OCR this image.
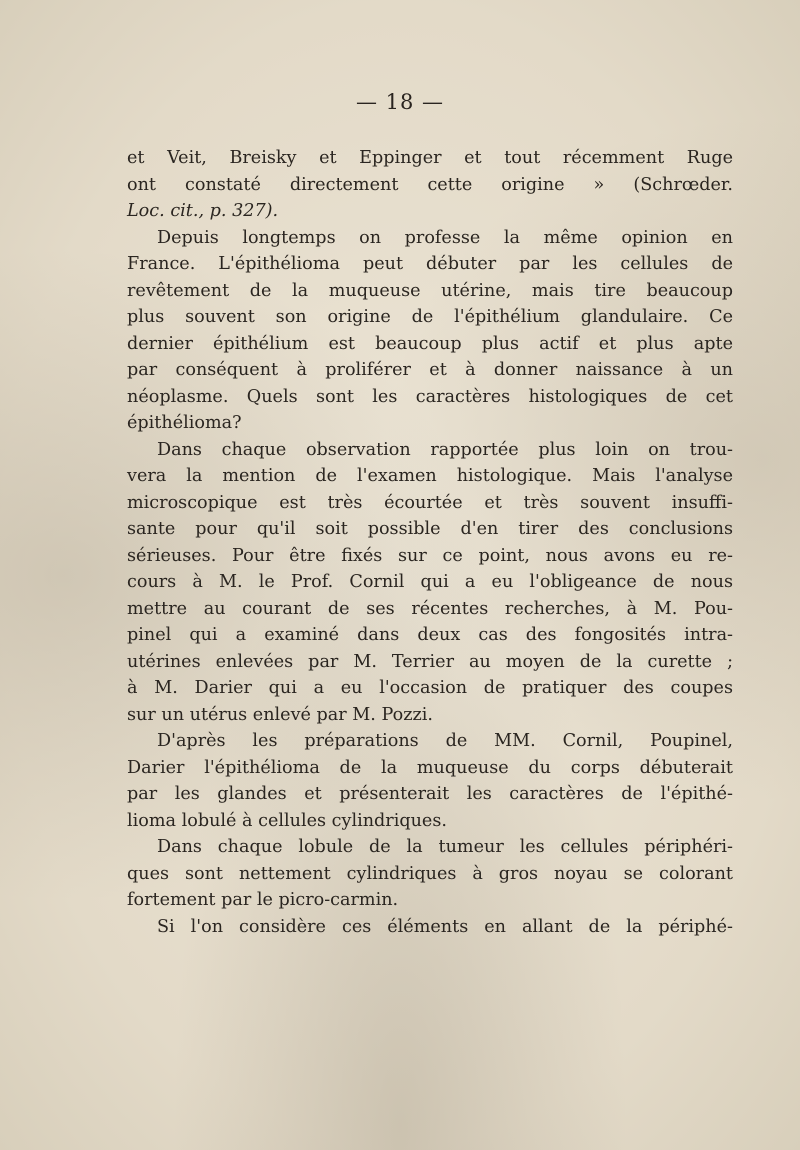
— 18 —
et Veit, Breisky et Eppinger et tout récemment Ruge
ont constaté directement cette origine » (Schrœder.
Loc. cit., p. 327).
Depuis longtemps on professe la même opinion en
France. L'épithélioma peut débuter par les cellules de
revêtement de la muqueuse utérine, mais tire beaucoup
plus souvent son origine de l'épithélium glandulaire. Ce
dernier épithélium est beaucoup plus actif et plus apte
par conséquent à proliférer et à donner naissance à un
néoplasme. Quels sont les caractères histologiques de cet
épithélioma?
Dans chaque observation rapportée plus loin on trou-
vera la mention de l'examen histologique. Mais l'analyse
microscopique est très écourtée et très souvent insuffi-
sante pour qu'il soit possible d'en tirer des conclusions
sérieuses. Pour être fixés sur ce point, nous avons eu re-
cours à M. le Prof. Cornil qui a eu l'obligeance de nous
mettre au courant de ses récentes recherches, à M. Pou-
pinel qui a examiné dans deux cas des fongosités intra-
utérines enlevées par M. Terrier au moyen de la curette ;
à M. Darier qui a eu l'occasion de pratiquer des coupes
sur un utérus enlevé par M. Pozzi.
D'après les préparations de MM. Cornil, Poupinel,
Darier l'épithélioma de la muqueuse du corps débuterait
par les glandes et présenterait les caractères de l'épithé-
lioma lobulé à cellules cylindriques.
Dans chaque lobule de la tumeur les cellules périphéri-
ques sont nettement cylindriques à gros noyau se colorant
fortement par le picro-carmin.
Si l'on considère ces éléments en allant de la périphé-
